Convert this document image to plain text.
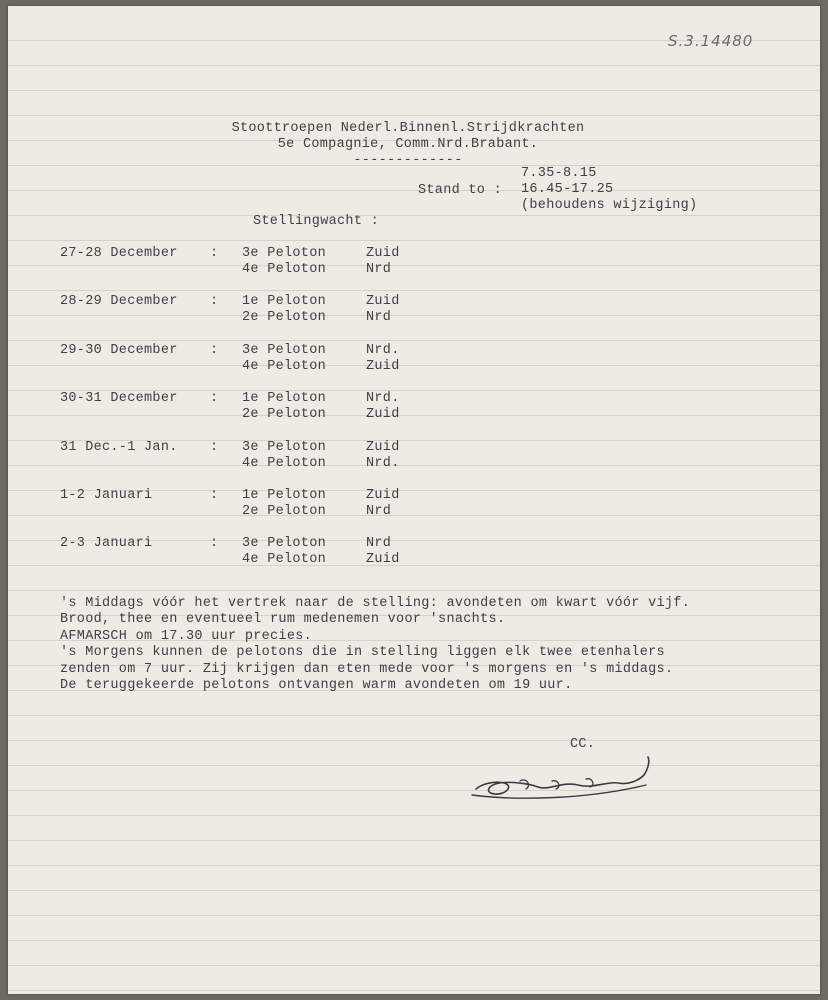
S.3.14480
Stoottroepen Nederl.Binnenl.Strijdkrachten
5e Compagnie, Comm.Nrd.Brabant.
-------------
Stand to :
7.35-8.15
16.45-17.25
(behoudens wijziging)
Stellingwacht :
27-28 December : 3e Peloton	Zuid
4e Peloton	Nrd
28-29 December : 1e Peloton	Zuid
2e Peloton	Nrd
29-30 December : 3e Peloton	Nrd.
4e Peloton	Zuid
30-31 December : 1e Peloton	Nrd.
2e Peloton	Zuid
31 Dec.-1 Jan. : 3e Peloton	Zuid
4e Peloton	Nrd.
1-2 Januari	: 1e Peloton	Zuid
2e Peloton	Nrd
2-3 Januari	: 3e Peloton	Nrd
4e Peloton	Zuid
's Middags vóór het vertrek naar de stelling: avondeten om kwart vóór vijf.
Brood, thee en eventueel rum medenemen voor 'snachts.
AFMARSCH om 17.30 uur precies.
's Morgens kunnen de pelotons die in stelling liggen elk twee etenhalers
zenden om 7 uur. Zij krijgen dan eten mede voor 's morgens en 's middags.
De teruggekeerde pelotons ontvangen warm avondeten om 19 uur.
CC.
